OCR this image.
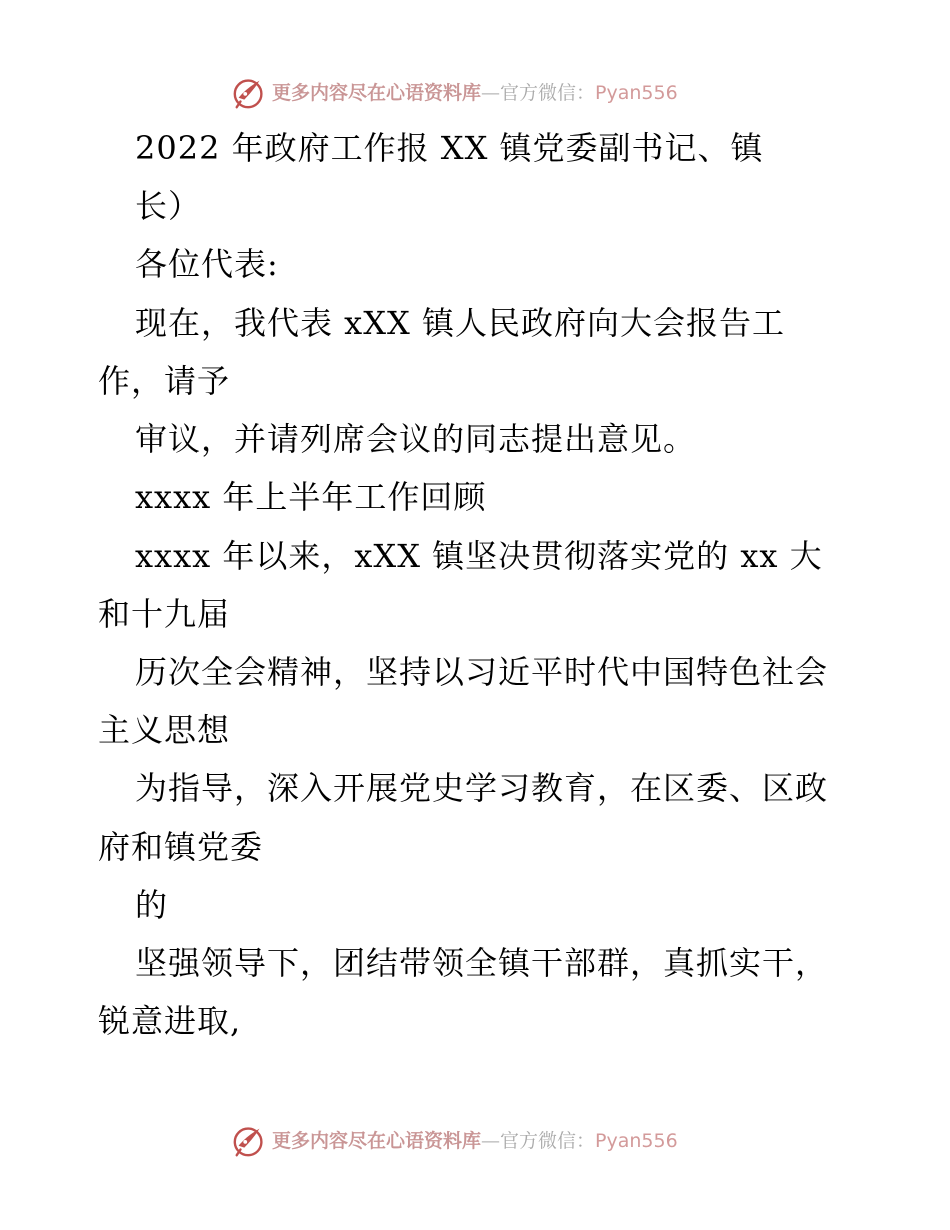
更多内容尽在心语资料库—官方微信：Pyan556
2022 年政府工作报 XX 镇党委副书记、镇
长）
各位代表:
现在，我代表 xXX 镇人民政府向大会报告工
作，请予
审议，并请列席会议的同志提出意见。
xxxx 年上半年工作回顾
xxxx 年以来，xXX 镇坚决贯彻落实党的 xx 大
和十九届
历次全会精神，坚持以习近平时代中国特色社会
主义思想
为指导，深入开展党史学习教育，在区委、区政
府和镇党委
的
坚强领导下，团结带领全镇干部群，真抓实干，
锐意进取,
更多内容尽在心语资料库—官方微信：Pyan556
